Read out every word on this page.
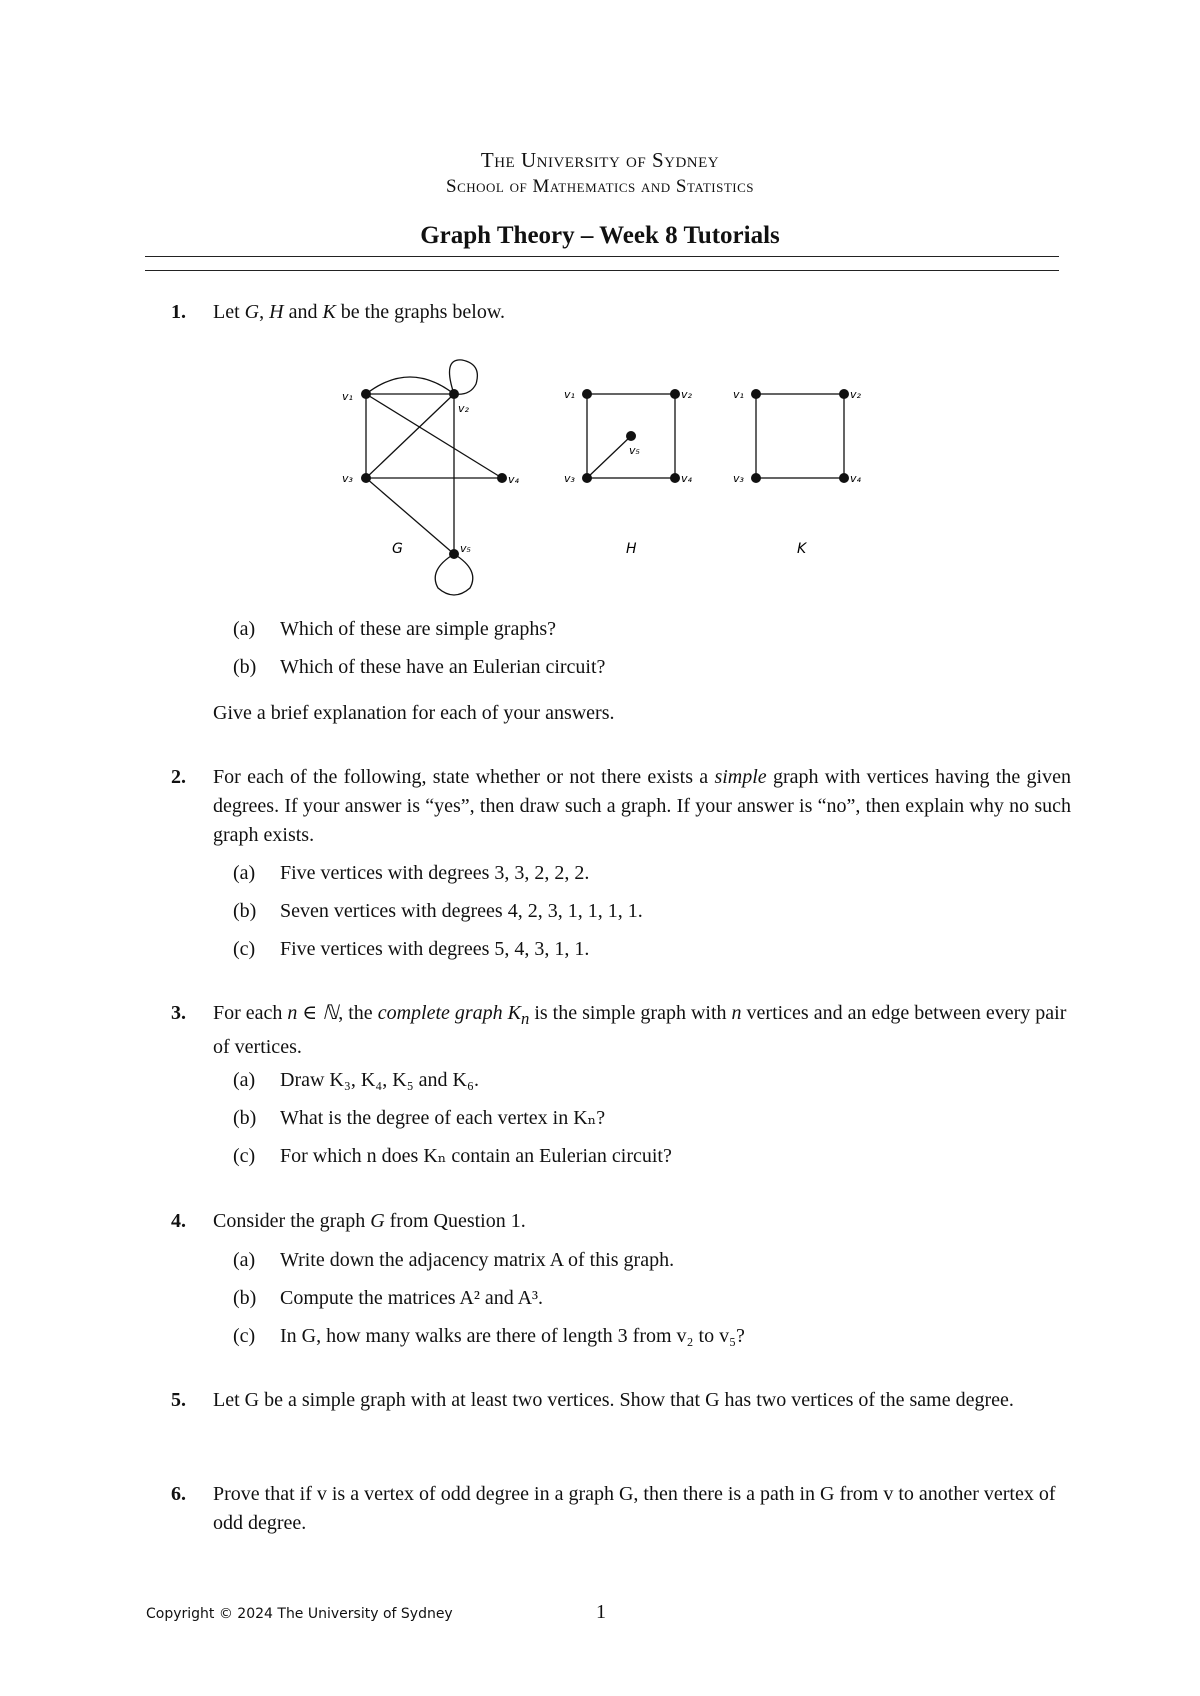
The University of Sydney
School of Mathematics and Statistics
Graph Theory – Week 8 Tutorials
1. Let G, H and K be the graphs below.
v₁
v₂
v₃	v₄
v₅
G
v₁	v₂
v₃	v₄
v₅
H
v₁	v₂
v₃	v₄
K
(a) Which of these are simple graphs?
(b) Which of these have an Eulerian circuit?
Give a brief explanation for each of your answers.
2. For each of the following, state whether or not there exists a simple graph with vertices having the given degrees. If your answer is “yes”, then draw such a graph. If your answer is “no”, then explain why no such graph exists.
(a) Five vertices with degrees 3, 3, 2, 2, 2.
(b) Seven vertices with degrees 4, 2, 3, 1, 1, 1, 1.
(c) Five vertices with degrees 5, 4, 3, 1, 1.
3. For each n ∈ ℕ, the complete graph $K_n$ is the simple graph with n vertices and an edge between every pair of vertices.
(a) Draw K₃, K₄, K₅ and K₆.
(b) What is the degree of each vertex in Kₙ?
(c) For which n does Kₙ contain an Eulerian circuit?
4. Consider the graph G from Question 1.
(a) Write down the adjacency matrix A of this graph.
(b) Compute the matrices A² and A³.
(c) In G, how many walks are there of length 3 from v₂ to v₅?
5. Let G be a simple graph with at least two vertices. Show that G has two vertices of the same degree.
6. Prove that if v is a vertex of odd degree in a graph G, then there is a path in G from v to another vertex of odd degree.
Copyright © 2024 The University of Sydney	1
